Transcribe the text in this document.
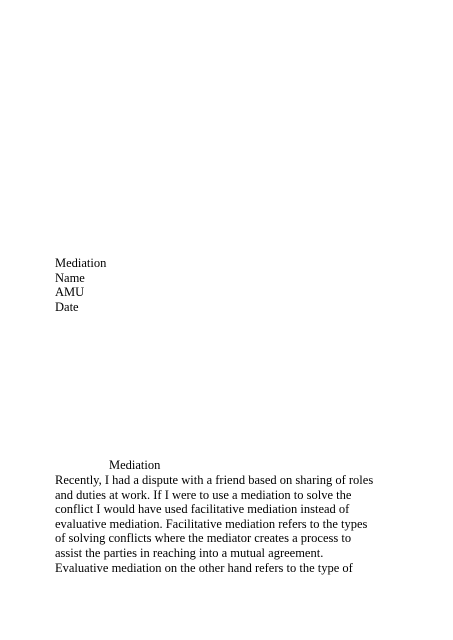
Mediation
Name
AMU
Date
Mediation
Recently, I had a dispute with a friend based on sharing of roles
and duties at work. If I were to use a mediation to solve the
conflict I would have used facilitative mediation instead of
evaluative mediation. Facilitative mediation refers to the types
of solving conflicts where the mediator creates a process to
assist the parties in reaching into a mutual agreement.
Evaluative mediation on the other hand refers to the type of
